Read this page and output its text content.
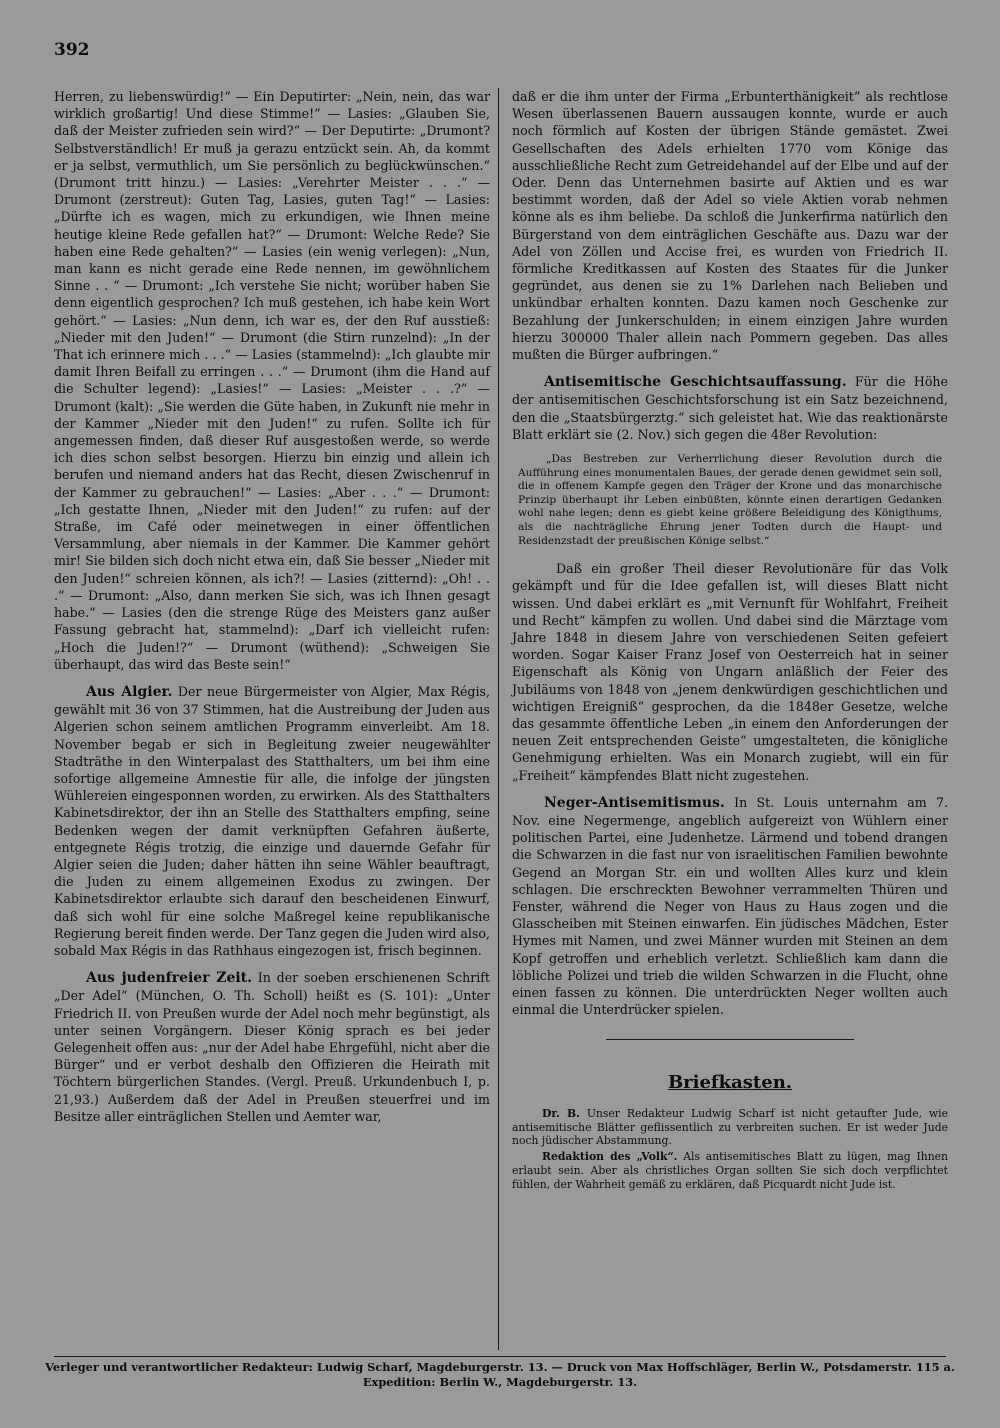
392

Herren, zu liebenswürdig!“ — Ein Deputirter: „Nein, nein, das war wirklich großartig! Und diese Stimme!“ — Lasies: „Glauben Sie, daß der Meister zufrieden sein wird?“ — Der Deputirte: „Drumont? Selbstverständlich! Er muß ja gerazu entzückt sein. Ah, da kommt er ja selbst, vermuthlich, um Sie persönlich zu beglückwünschen.“ (Drumont tritt hinzu.) — Lasies: „Verehrter Meister . . .“ — Drumont (zerstreut): Guten Tag, Lasies, guten Tag!“ — Lasies: „Dürfte ich es wagen, mich zu erkundigen, wie Ihnen meine heutige kleine Rede gefallen hat?“ — Drumont: Welche Rede? Sie haben eine Rede gehalten?“ — Lasies (ein wenig verlegen): „Nun, man kann es nicht gerade eine Rede nennen, im gewöhnlichem Sinne . . “ — Drumont: „Ich verstehe Sie nicht; worüber haben Sie denn eigentlich gesprochen? Ich muß gestehen, ich habe kein Wort gehört.“ — Lasies: „Nun denn, ich war es, der den Ruf ausstieß: „Nieder mit den Juden!“ — Drumont (die Stirn runzelnd): „In der That ich erinnere mich . . .“ — Lasies (stammelnd): „Ich glaubte mir damit Ihren Beifall zu erringen . . .“ — Drumont (ihm die Hand auf die Schulter legend): „Lasies!“ — Lasies: „Meister . . .?“ — Drumont (kalt): „Sie werden die Güte haben, in Zukunft nie mehr in der Kammer „Nieder mit den Juden!“ zu rufen. Sollte ich für angemessen finden, daß dieser Ruf ausgestoßen werde, so werde ich dies schon selbst besorgen. Hierzu bin einzig und allein ich berufen und niemand anders hat das Recht, diesen Zwischenruf in der Kammer zu gebrauchen!“ — Lasies: „Aber . . .“ — Drumont: „Ich gestatte Ihnen, „Nieder mit den Juden!“ zu rufen: auf der Straße, im Café oder meinetwegen in einer öffentlichen Versammlung, aber niemals in der Kammer. Die Kammer gehört mir! Sie bilden sich doch nicht etwa ein, daß Sie besser „Nieder mit den Juden!“ schreien können, als ich?! — Lasies (zitternd): „Oh! . . .“ — Drumont: „Also, dann merken Sie sich, was ich Ihnen gesagt habe.“ — Lasies (den die strenge Rüge des Meisters ganz außer Fassung gebracht hat, stammelnd): „Darf ich vielleicht rufen: „Hoch die Juden!?“ — Drumont (wüthend): „Schweigen Sie überhaupt, das wird das Beste sein!“

Aus Algier. Der neue Bürgermeister von Algier, Max Régis, gewählt mit 36 von 37 Stimmen, hat die Austreibung der Juden aus Algerien schon seinem amtlichen Programm einverleibt. Am 18. November begab er sich in Begleitung zweier neugewählter Stadträthe in den Winterpalast des Statthalters, um bei ihm eine sofortige allgemeine Amnestie für alle, die infolge der jüngsten Wühlereien eingesponnen worden, zu erwirken. Als des Statthalters Kabinetsdirektor, der ihn an Stelle des Statthalters empfing, seine Bedenken wegen der damit verknüpften Gefahren äußerte, entgegnete Régis trotzig, die einzige und dauernde Gefahr für Algier seien die Juden; daher hätten ihn seine Wähler beauftragt, die Juden zu einem allgemeinen Exodus zu zwingen. Der Kabinetsdirektor erlaubte sich darauf den bescheidenen Einwurf, daß sich wohl für eine solche Maßregel keine republikanische Regierung bereit finden werde. Der Tanz gegen die Juden wird also, sobald Max Régis in das Rathhaus eingezogen ist, frisch beginnen.

Aus judenfreier Zeit. In der soeben erschienenen Schrift „Der Adel“ (München, O. Th. Scholl) heißt es (S. 101): „Unter Friedrich II. von Preußen wurde der Adel noch mehr begünstigt, als unter seinen Vorgängern. Dieser König sprach es bei jeder Gelegenheit offen aus: „nur der Adel habe Ehrgefühl, nicht aber die Bürger“ und er verbot deshalb den Offizieren die Heirath mit Töchtern bürgerlichen Standes. (Vergl. Preuß. Urkundenbuch I, p. 21,93.) Außerdem daß der Adel in Preußen steuerfrei und im Besitze aller einträglichen Stellen und Aemter war,

daß er die ihm unter der Firma „Erbunterthänigkeit“ als rechtlose Wesen überlassenen Bauern aussaugen konnte, wurde er auch noch förmlich auf Kosten der übrigen Stände gemästet. Zwei Gesellschaften des Adels erhielten 1770 vom Könige das ausschließliche Recht zum Getreidehandel auf der Elbe und auf der Oder. Denn das Unternehmen basirte auf Aktien und es war bestimmt worden, daß der Adel so viele Aktien vorab nehmen könne als es ihm beliebe. Da schloß die Junkerfirma natürlich den Bürgerstand von dem einträglichen Geschäfte aus. Dazu war der Adel von Zöllen und Accise frei, es wurden von Friedrich II. förmliche Kreditkassen auf Kosten des Staates für die Junker gegründet, aus denen sie zu 1% Darlehen nach Belieben und unkündbar erhalten konnten. Dazu kamen noch Geschenke zur Bezahlung der Junkerschulden; in einem einzigen Jahre wurden hierzu 300000 Thaler allein nach Pommern gegeben. Das alles mußten die Bürger aufbringen.“

Antisemitische Geschichtsauffassung. Für die Höhe der antisemitischen Geschichtsforschung ist ein Satz bezeichnend, den die „Staatsbürgerztg.“ sich geleistet hat. Wie das reaktionärste Blatt erklärt sie (2. Nov.) sich gegen die 48er Revolution:

„Das Bestreben zur Verherrlichung dieser Revolution durch die Aufführung eines monumentalen Baues, der gerade denen gewidmet sein soll, die in offenem Kampfe gegen den Träger der Krone und das monarchische Prinzip überhaupt ihr Leben einbüßten, könnte einen derartigen Gedanken wohl nahe legen; denn es giebt keine größere Beleidigung des Königthums, als die nachträgliche Ehrung jener Todten durch die Haupt- und Residenzstadt der preußischen Könige selbst.“

Daß ein großer Theil dieser Revolutionäre für das Volk gekämpft und für die Idee gefallen ist, will dieses Blatt nicht wissen. Und dabei erklärt es „mit Vernunft für Wohlfahrt, Freiheit und Recht“ kämpfen zu wollen. Und dabei sind die Märztage vom Jahre 1848 in diesem Jahre von verschiedenen Seiten gefeiert worden. Sogar Kaiser Franz Josef von Oesterreich hat in seiner Eigenschaft als König von Ungarn anläßlich der Feier des Jubiläums von 1848 von „jenem denkwürdigen geschichtlichen und wichtigen Ereigniß“ gesprochen, da die 1848er Gesetze, welche das gesammte öffentliche Leben „in einem den Anforderungen der neuen Zeit entsprechenden Geiste“ umgestalteten, die königliche Genehmigung erhielten. Was ein Monarch zugiebt, will ein für „Freiheit“ kämpfendes Blatt nicht zugestehen.

Neger-Antisemitismus. In St. Louis unternahm am 7. Nov. eine Negermenge, angeblich aufgereizt von Wühlern einer politischen Partei, eine Judenhetze. Lärmend und tobend drangen die Schwarzen in die fast nur von israelitischen Familien bewohnte Gegend an Morgan Str. ein und wollten Alles kurz und klein schlagen. Die erschreckten Bewohner verrammelten Thüren und Fenster, während die Neger von Haus zu Haus zogen und die Glasscheiben mit Steinen einwarfen. Ein jüdisches Mädchen, Ester Hymes mit Namen, und zwei Männer wurden mit Steinen an dem Kopf getroffen und erheblich verletzt. Schließlich kam dann die löbliche Polizei und trieb die wilden Schwarzen in die Flucht, ohne einen fassen zu können. Die unterdrückten Neger wollten auch einmal die Unterdrücker spielen.

Briefkasten.

Dr. B. Unser Redakteur Ludwig Scharf ist nicht getaufter Jude, wie antisemitische Blätter geflissentlich zu verbreiten suchen. Er ist weder Jude noch jüdischer Abstammung.

Redaktion des „Volk“. Als antisemitisches Blatt zu lügen, mag Ihnen erlaubt sein. Aber als christliches Organ sollten Sie sich doch verpflichtet fühlen, der Wahrheit gemäß zu erklären, daß Picquardt nicht Jude ist.

Verleger und verantwortlicher Redakteur: Ludwig Scharf, Magdeburgerstr. 13. — Druck von Max Hoffschläger, Berlin W., Potsdamerstr. 115 a.
Expedition: Berlin W., Magdeburgerstr. 13.
